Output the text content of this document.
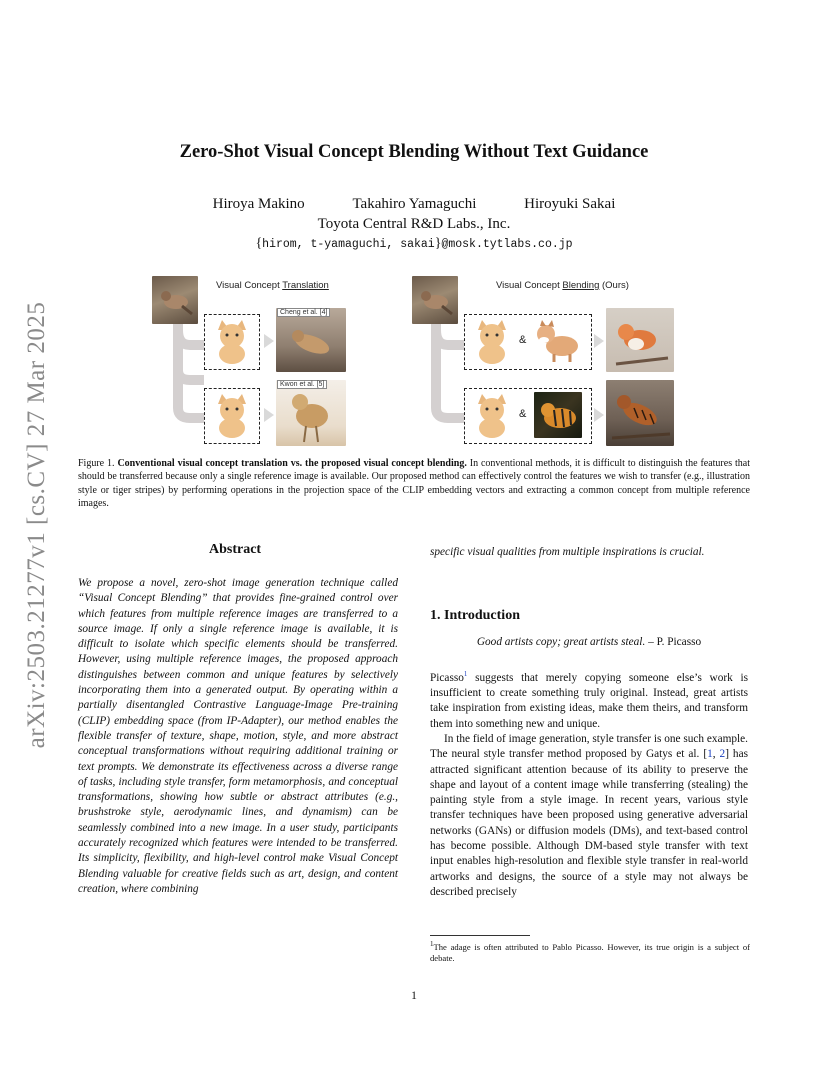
arXiv:2503.21277v1 [cs.CV] 27 Mar 2025
Zero-Shot Visual Concept Blending Without Text Guidance
Hiroya Makino	Takahiro Yamaguchi	Hiroyuki Sakai
Toyota Central R&D Labs., Inc.
{hirom, t-yamaguchi, sakai}@mosk.tytlabs.co.jp
Visual Concept Translation	Visual Concept Blending (Ours)
Cheng et al. [4]
Kwon et al. [5]
&
&
Figure 1. Conventional visual concept translation vs. the proposed visual concept blending. In conventional methods, it is difficult to distinguish the features that should be transferred because only a single reference image is available. Our proposed method can effectively control the features we wish to transfer (e.g., illustration style or tiger stripes) by performing operations in the projection space of the CLIP embedding vectors and extracting a common concept from multiple reference images.
Abstract

We propose a novel, zero-shot image generation technique called “Visual Concept Blending” that provides fine-grained control over which features from multiple reference images are transferred to a source image. If only a single reference image is available, it is difficult to isolate which specific elements should be transferred. However, using multiple reference images, the proposed approach distinguishes between common and unique features by selectively incorporating them into a generated output. By operating within a partially disentangled Contrastive Language-Image Pre-training (CLIP) embedding space (from IP-Adapter), our method enables the flexible transfer of texture, shape, motion, style, and more abstract conceptual transformations without requiring additional training or text prompts. We demonstrate its effectiveness across a diverse range of tasks, including style transfer, form metamorphosis, and conceptual transformations, showing how subtle or abstract attributes (e.g., brushstroke style, aerodynamic lines, and dynamism) can be seamlessly combined into a new image. In a user study, participants accurately recognized which features were intended to be transferred. Its simplicity, flexibility, and high-level control make Visual Concept Blending valuable for creative fields such as art, design, and content creation, where combining

specific visual qualities from multiple inspirations is crucial.

1. Introduction
Good artists copy; great artists steal. – P. Picasso

Picasso$^1$ suggests that merely copying someone else’s work is insufficient to create something truly original. Instead, great artists take inspiration from existing ideas, make them theirs, and transform them into something new and unique.

In the field of image generation, style transfer is one such example. The neural style transfer method proposed by Gatys et al. [1, 2] has attracted significant attention because of its ability to preserve the shape and layout of a content image while transferring (stealing) the painting style from a style image. In recent years, various style transfer techniques have been proposed using generative adversarial networks (GANs) or diffusion models (DMs), and text-based control has become possible. Although DM-based style transfer with text input enables high-resolution and flexible style transfer in real-world artworks and designs, the source of a style may not always be described precisely

$^1$The adage is often attributed to Pablo Picasso. However, its true origin is a subject of debate.
1
